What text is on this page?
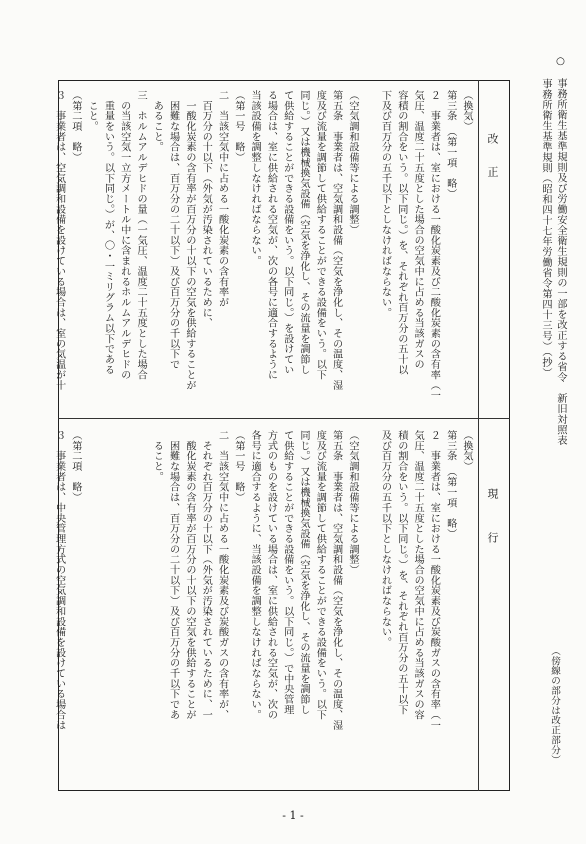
○　事務所衛生基準規則及び労働安全衛生規則の一部を改正する省令　新旧対照表
　事務所衛生基準規則（昭和四十七年労働省令第四十三号）（抄）
（傍線の部分は改正部分）
改　　正
現　　　行
（換気）
第三条　（第一項　略）
２　事業者は、室における一酸化炭素及び二酸化炭素の含有率（一
気圧、温度二十五度とした場合の空気中に占める当該ガスの
容積の割合をいう。以下同じ。）を、それぞれ百万分の五十以
下及び百万分の五千以下としなければならない。

（空気調和設備等による調整）
第五条　事業者は、空気調和設備（空気を浄化し、その温度、湿
度及び流量を調節して供給することができる設備をいう。以下
同じ。）又は機械換気設備（空気を浄化し、その流量を調節し
て供給することができる設備をいう。以下同じ。）を設けてい
る場合は、室に供給される空気が、次の各号に適合するように
当該設備を調整しなければならない。
（第一号　略）
二　当該空気中に占める一酸化炭素の含有率が
　百万分の十以下（外気が汚染されているために、
　一酸化炭素の含有率が百万分の十以下の空気を供給することが
　困難な場合は、百万分の二十以下）及び百万分の千以下で
　あること。
三　ホルムアルデヒドの量（一気圧、温度二十五度とした場合
　の当該空気一立方メートル中に含まれるホルムアルデヒドの
　重量をいう。以下同じ。）が、〇・一ミリグラム以下である
　こと。
（第二項　略）
３　事業者は、空気調和設備を設けている場合は、室の気温が十
（換気）
第三条　（第一項　略）
２　事業者は、室における一酸化炭素及び炭酸ガスの含有率（一
気圧、温度二十五度とした場合の空気中に占める当該ガスの容
積の割合をいう。以下同じ。）を、それぞれ百万分の五十以下
及び百万分の五千以下としなければならない。

（空気調和設備等による調整）
第五条　事業者は、空気調和設備（空気を浄化し、その温度、湿
度及び流量を調節して供給することができる設備をいう。以下
同じ。）又は機械換気設備（空気を浄化し、その流量を調節し
て供給することができる設備をいう。以下同じ。）で中央管理
方式のものを設けている場合は、室に供給される空気が、次の
各号に適合するように、当該設備を調整しなければならない。
（第一号　略）
二　当該空気中に占める一酸化炭素及び炭酸ガスの含有率が、
　それぞれ百万分の十以下（外気が汚染されているために、一
　酸化炭素の含有率が百万分の十以下の空気を供給することが
　困難な場合は、百万分の二十以下）及び百万分の千以下であ
　ること。

（第二項　略）
３　事業者は、中央管理方式の空気調和設備を設けている場合は
- 1 -
